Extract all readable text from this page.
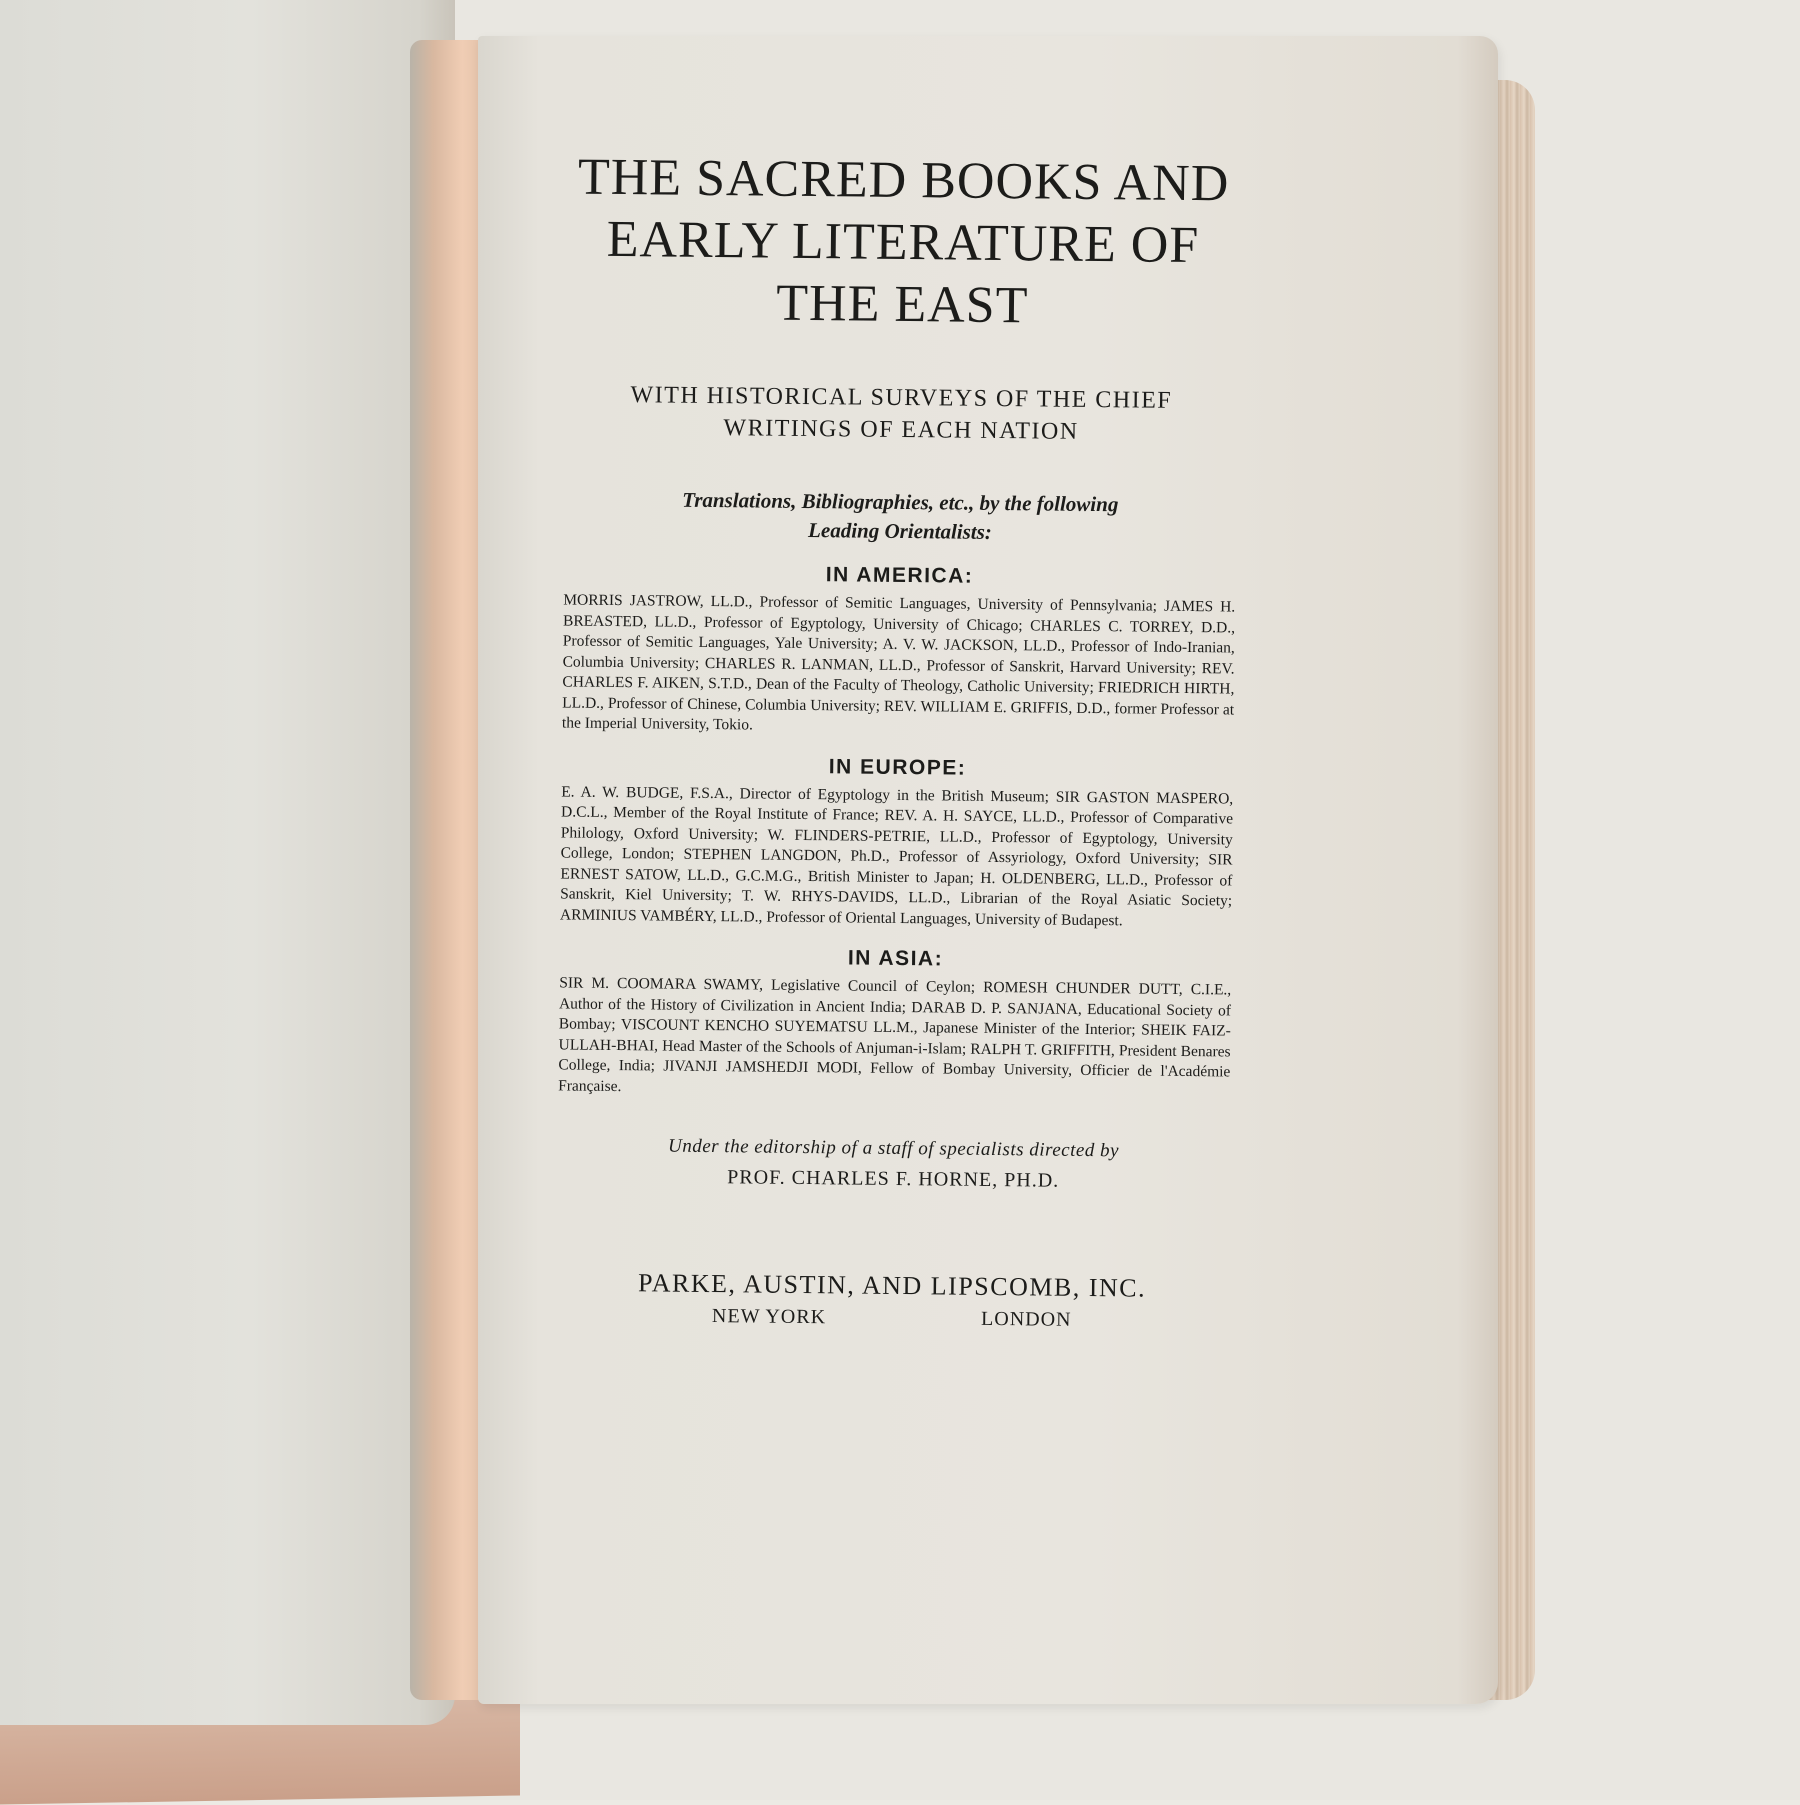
THE SACRED BOOKS AND
EARLY LITERATURE OF
THE EAST
WITH HISTORICAL SURVEYS OF THE CHIEF
WRITINGS OF EACH NATION
Translations, Bibliographies, etc., by the following
Leading Orientalists:
IN AMERICA:

MORRIS JASTROW, LL.D., Professor of Semitic Languages, University of Pennsylvania; JAMES H. BREASTED, LL.D., Professor of Egyptology, University of Chicago; CHARLES C. TORREY, D.D., Professor of Semitic Languages, Yale University; A. V. W. JACKSON, LL.D., Professor of Indo-Iranian, Columbia University; CHARLES R. LANMAN, LL.D., Professor of Sanskrit, Harvard University; REV. CHARLES F. AIKEN, S.T.D., Dean of the Faculty of Theology, Catholic University; FRIEDRICH HIRTH, LL.D., Professor of Chinese, Columbia University; REV. WILLIAM E. GRIFFIS, D.D., former Professor at the Imperial University, Tokio.

IN EUROPE:

E. A. W. BUDGE, F.S.A., Director of Egyptology in the British Museum; SIR GASTON MASPERO, D.C.L., Member of the Royal Institute of France; REV. A. H. SAYCE, LL.D., Professor of Comparative Philology, Oxford University; W. FLINDERS-PETRIE, LL.D., Professor of Egyptology, University College, London; STEPHEN LANGDON, Ph.D., Professor of Assyriology, Oxford University; SIR ERNEST SATOW, LL.D., G.C.M.G., British Minister to Japan; H. OLDENBERG, LL.D., Professor of Sanskrit, Kiel University; T. W. RHYS-DAVIDS, LL.D., Librarian of the Royal Asiatic Society; ARMINIUS VAMBÉRY, LL.D., Professor of Oriental Languages, University of Budapest.

IN ASIA:

SIR M. COOMARA SWAMY, Legislative Council of Ceylon; ROMESH CHUNDER DUTT, C.I.E., Author of the History of Civilization in Ancient India; DARAB D. P. SANJANA, Educational Society of Bombay; VISCOUNT KENCHO SUYEMATSU LL.M., Japanese Minister of the Interior; SHEIK FAIZ-ULLAH-BHAI, Head Master of the Schools of Anjuman-i-Islam; RALPH T. GRIFFITH, President Benares College, India; JIVANJI JAMSHEDJI MODI, Fellow of Bombay University, Officier de l'Académie Française.

Under the editorship of a staff of specialists directed by
PROF. CHARLES F. HORNE, PH.D.
PARKE, AUSTIN, AND LIPSCOMB, INC.
NEW YORK	LONDON
